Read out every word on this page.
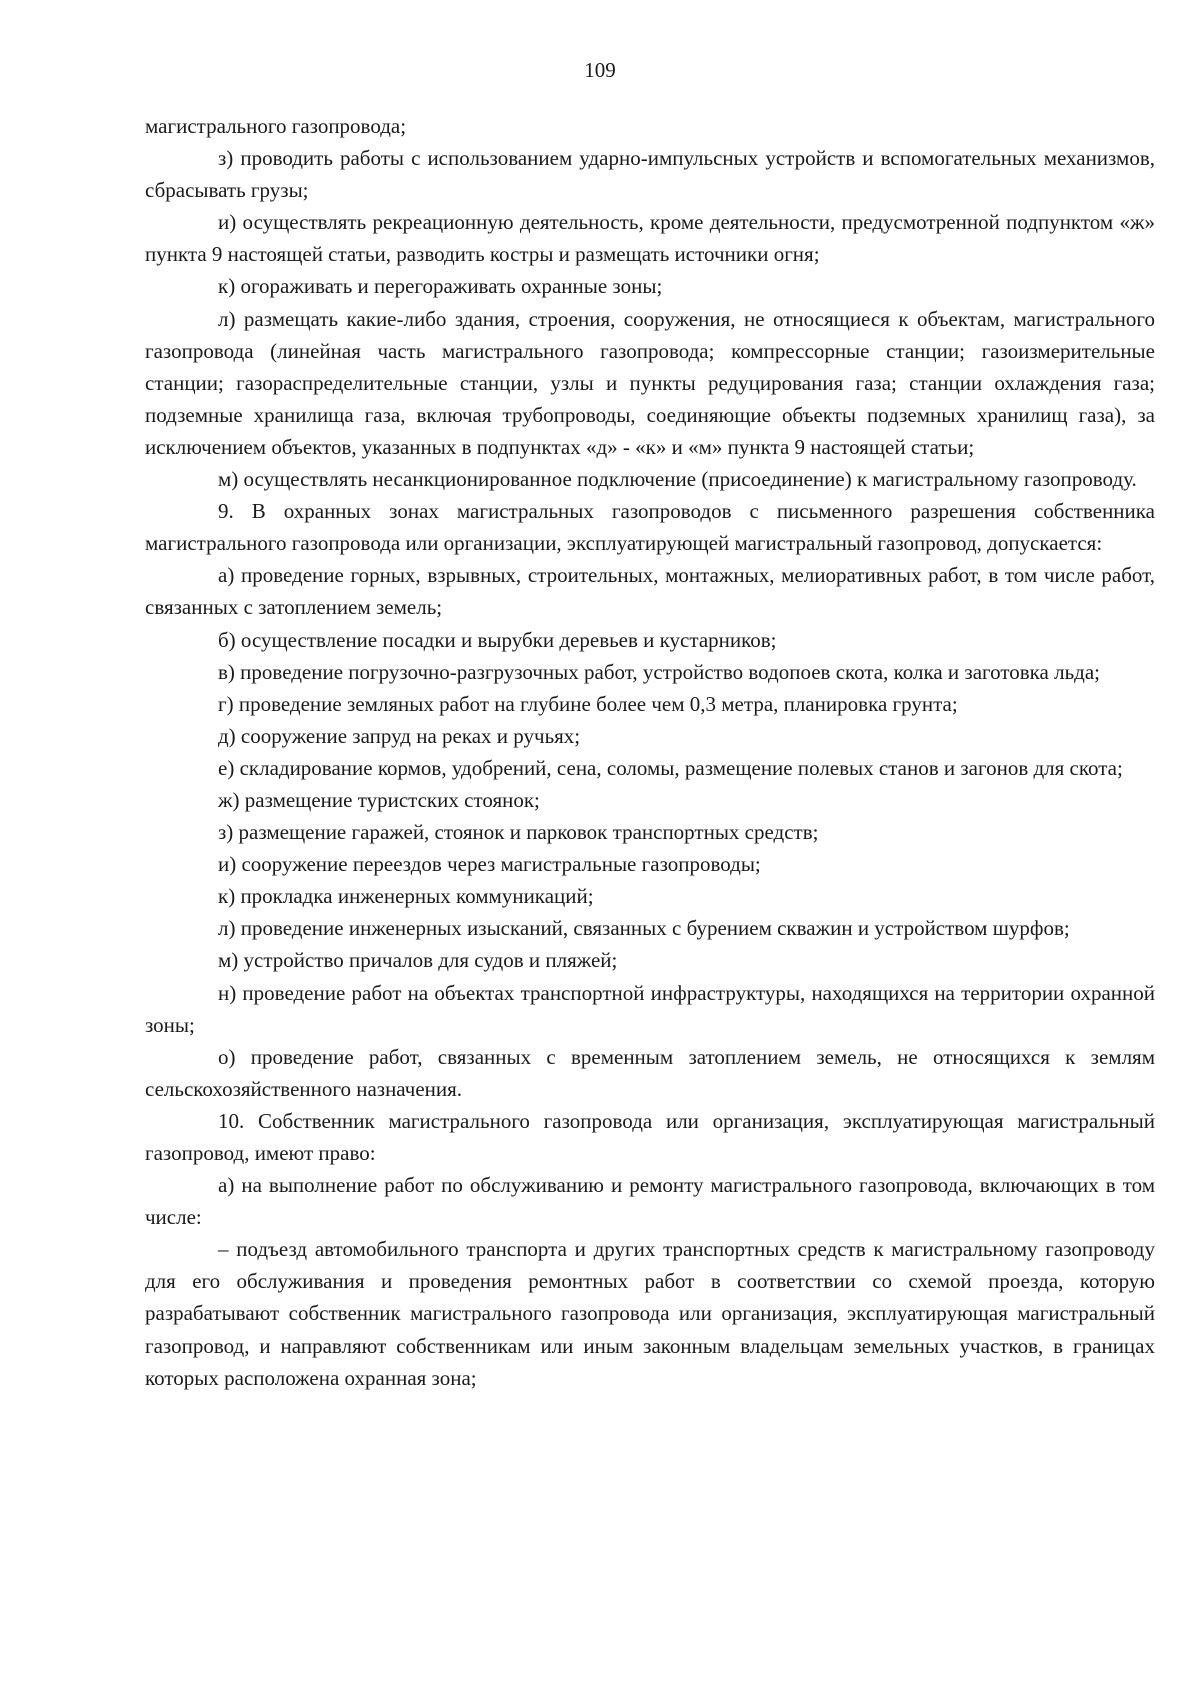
109

магистрального газопровода;

з) проводить работы с использованием ударно-импульсных устройств и вспомогательных механизмов, сбрасывать грузы;

и) осуществлять рекреационную деятельность, кроме деятельности, предусмотренной подпунктом «ж» пункта 9 настоящей статьи, разводить костры и размещать источники огня;

к) огораживать и перегораживать охранные зоны;

л) размещать какие-либо здания, строения, сооружения, не относящиеся к объектам, магистрального газопровода (линейная часть магистрального газопровода; компрессорные станции; газоизмерительные станции; газораспределительные станции, узлы и пункты редуцирования газа; станции охлаждения газа; подземные хранилища газа, включая трубопроводы, соединяющие объекты подземных хранилищ газа), за исключением объектов, указанных в подпунктах «д» - «к» и «м» пункта 9 настоящей статьи;

м) осуществлять несанкционированное подключение (присоединение) к магистральному газопроводу.

9. В охранных зонах магистральных газопроводов с письменного разрешения собственника магистрального газопровода или организации, эксплуатирующей магистральный газопровод, допускается:

а) проведение горных, взрывных, строительных, монтажных, мелиоративных работ, в том числе работ, связанных с затоплением земель;

б) осуществление посадки и вырубки деревьев и кустарников;

в) проведение погрузочно-разгрузочных работ, устройство водопоев скота, колка и заготовка льда;

г) проведение земляных работ на глубине более чем 0,3 метра, планировка грунта;

д) сооружение запруд на реках и ручьях;

е) складирование кормов, удобрений, сена, соломы, размещение полевых станов и загонов для скота;

ж) размещение туристских стоянок;

з) размещение гаражей, стоянок и парковок транспортных средств;

и) сооружение переездов через магистральные газопроводы;

к) прокладка инженерных коммуникаций;

л) проведение инженерных изысканий, связанных с бурением скважин и устройством шурфов;

м) устройство причалов для судов и пляжей;

н) проведение работ на объектах транспортной инфраструктуры, находящихся на территории охранной зоны;

о) проведение работ, связанных с временным затоплением земель, не относящихся к землям сельскохозяйственного назначения.

10. Собственник магистрального газопровода или организация, эксплуатирующая магистральный газопровод, имеют право:

а) на выполнение работ по обслуживанию и ремонту магистрального газопровода, включающих в том числе:

– подъезд автомобильного транспорта и других транспортных средств к магистральному газопроводу для его обслуживания и проведения ремонтных работ в соответствии со схемой проезда, которую разрабатывают собственник магистрального газопровода или организация, эксплуатирующая магистральный газопровод, и направляют собственникам или иным законным владельцам земельных участков, в границах которых расположена охранная зона;
